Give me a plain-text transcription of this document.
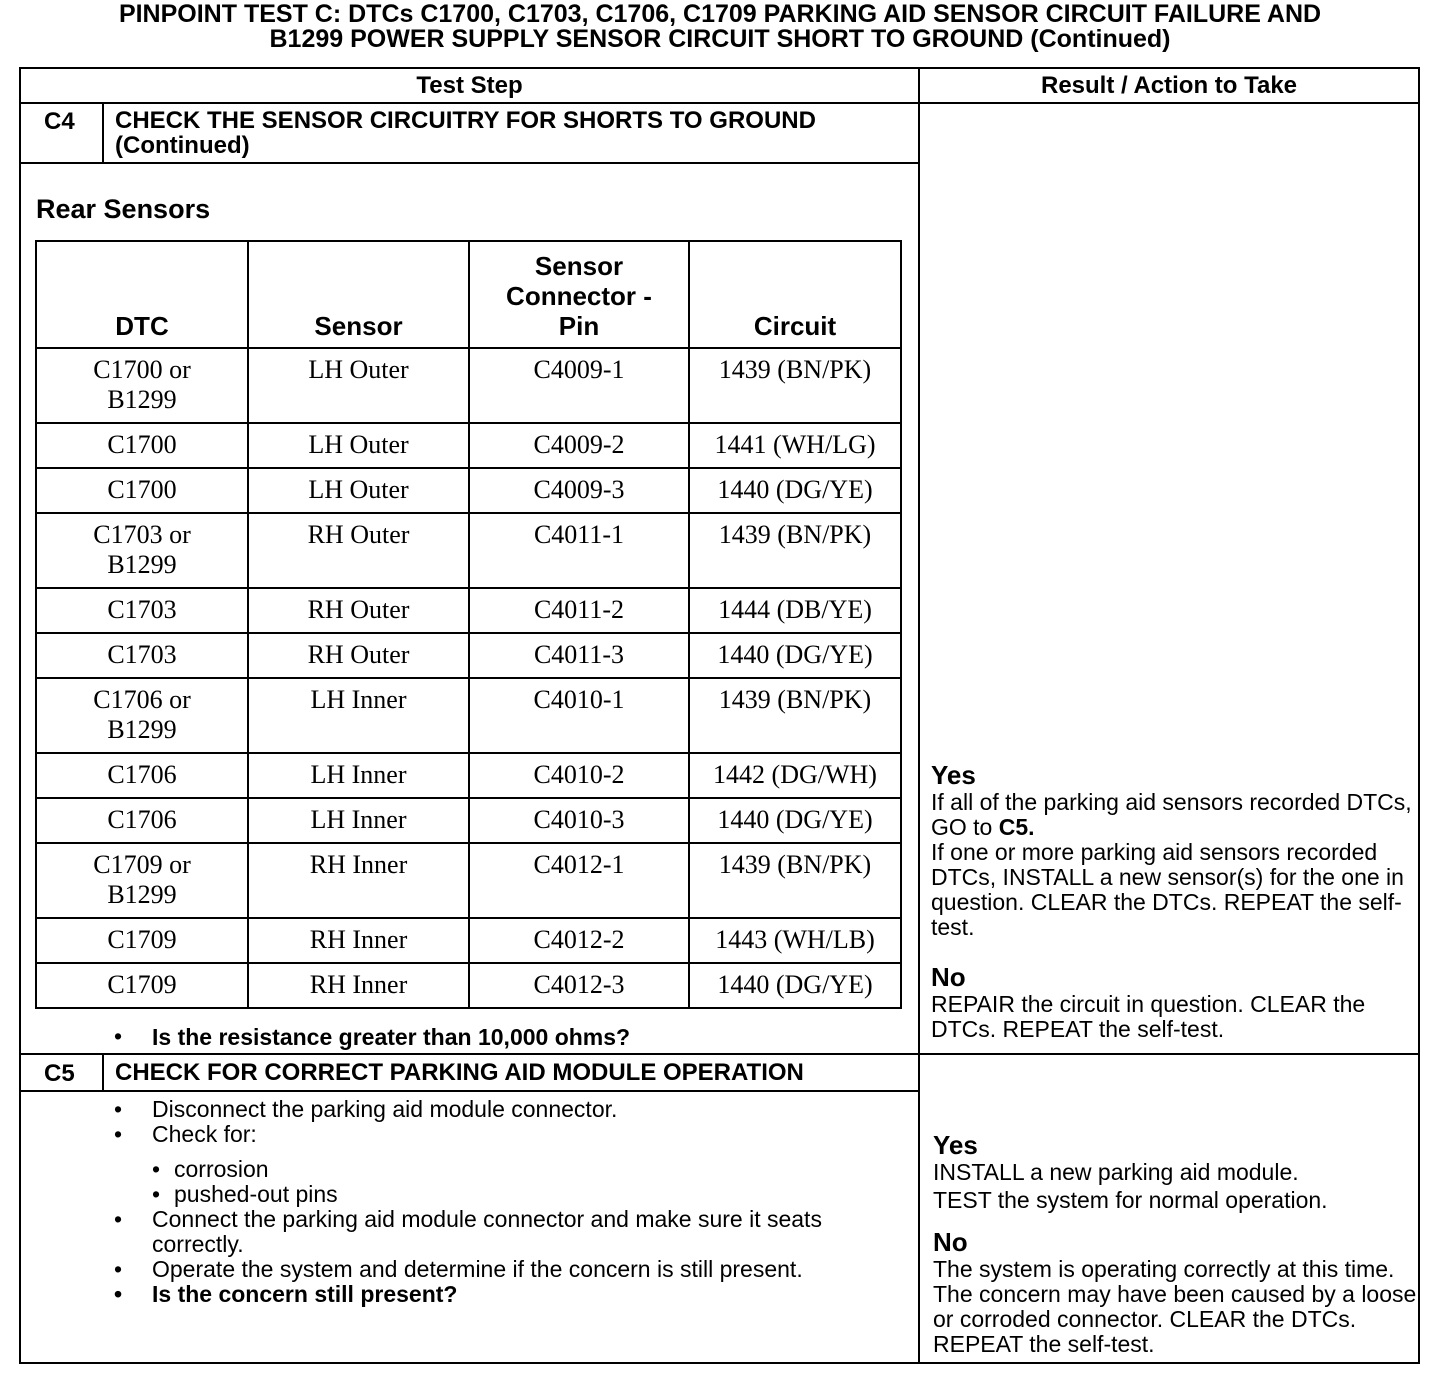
PINPOINT TEST C: DTCs C1700, C1703, C1706, C1709 PARKING AID SENSOR CIRCUIT FAILURE AND
B1299 POWER SUPPLY SENSOR CIRCUIT SHORT TO GROUND (Continued)
Test Step	Result / Action to Take
C4 CHECK THE SENSOR CIRCUITRY FOR SHORTS TO GROUND
(Continued)
Rear Sensors
DTC	Sensor	Sensor Connector - Pin	Circuit
C1700 or B1299	LH Outer	C4009-1	1439 (BN/PK)
C1700	LH Outer	C4009-2	1441 (WH/LG)
C1700	LH Outer	C4009-3	1440 (DG/YE)
C1703 or B1299	RH Outer	C4011-1	1439 (BN/PK)
C1703	RH Outer	C4011-2	1444 (DB/YE)
C1703	RH Outer	C4011-3	1440 (DG/YE)
C1706 or B1299	LH Inner	C4010-1	1439 (BN/PK)
C1706	LH Inner	C4010-2	1442 (DG/WH)
C1706	LH Inner	C4010-3	1440 (DG/YE)
C1709 or B1299	RH Inner	C4012-1	1439 (BN/PK)
C1709	RH Inner	C4012-2	1443 (WH/LB)
C1709	RH Inner	C4012-3	1440 (DG/YE)
• Is the resistance greater than 10,000 ohms?
Yes
If all of the parking aid sensors recorded DTCs, GO to C5.
If one or more parking aid sensors recorded DTCs, INSTALL a new sensor(s) for the one in question. CLEAR the DTCs. REPEAT the self-test.
No
REPAIR the circuit in question. CLEAR the DTCs. REPEAT the self-test.
C5 CHECK FOR CORRECT PARKING AID MODULE OPERATION
•	Disconnect the parking aid module connector.
•	Check for:
• corrosion
• pushed-out pins
•	Connect the parking aid module connector and make sure it seats correctly.
•	Operate the system and determine if the concern is still present.
•	Is the concern still present?
Yes
INSTALL a new parking aid module.
TEST the system for normal operation.
No
The system is operating correctly at this time. The concern may have been caused by a loose or corroded connector. CLEAR the DTCs. REPEAT the self-test.
